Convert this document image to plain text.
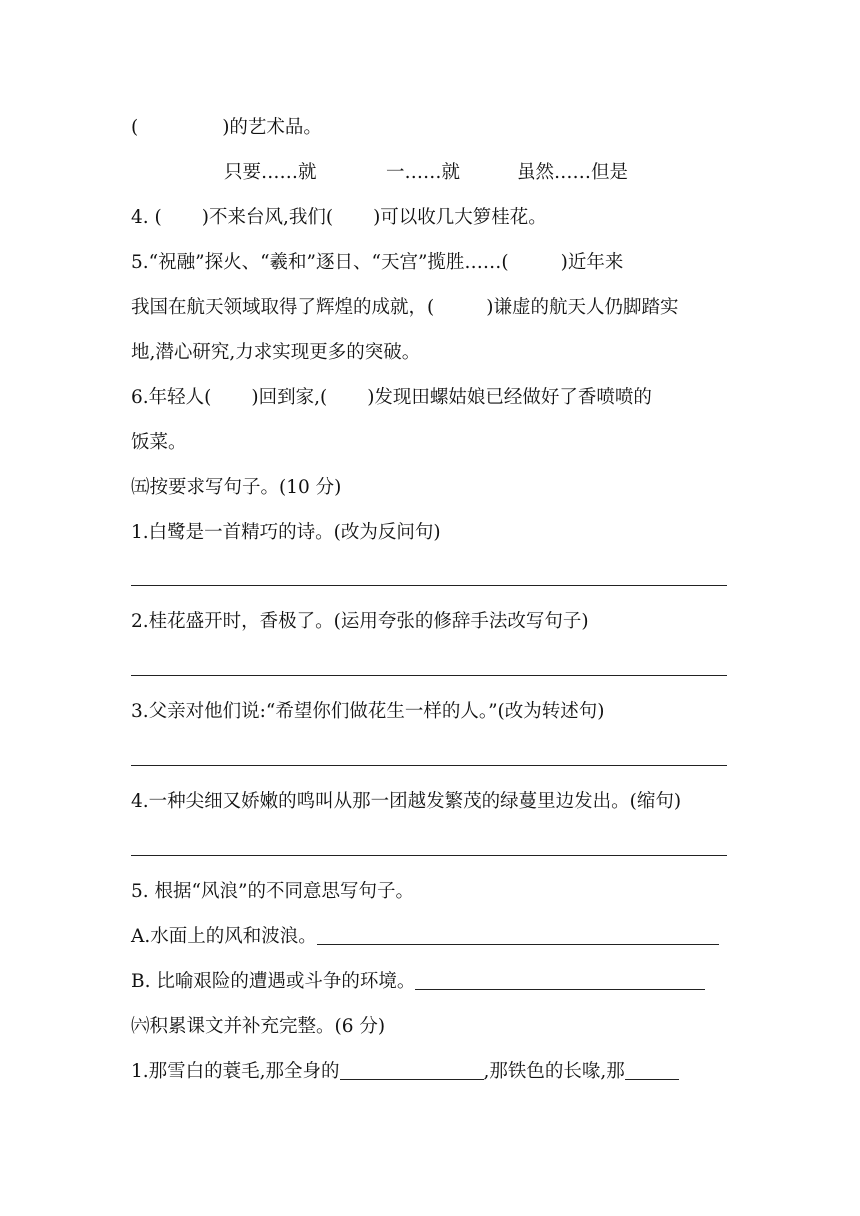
(	)的艺术品。
只要……就	一……就	虽然……但是
4. ( )不来台风,我们( )可以收几大箩桂花。
5.“祝融”探火、“羲和”逐日、“天宫”揽胜……(	)近年来
我国在航天领域取得了辉煌的成就，(	)谦虚的航天人仍脚踏实
地,潜心研究,力求实现更多的突破。
6.年轻人( )回到家,( )发现田螺姑娘已经做好了香喷喷的
饭菜。
㈤按要求写句子。(10 分)
1.白鹭是一首精巧的诗。(改为反问句)
2.桂花盛开时，香极了。(运用夸张的修辞手法改写句子)
3.父亲对他们说:“希望你们做花生一样的人。”(改为转述句)
4.一种尖细又娇嫩的鸣叫从那一团越发繁茂的绿蔓里边发出。(缩句)
5. 根据“风浪”的不同意思写句子。
A.水面上的风和波浪。
B. 比喻艰险的遭遇或斗争的环境。
㈥积累课文并补充完整。(6 分)
1.那雪白的蓑毛,那全身的	,那铁色的长喙,那
